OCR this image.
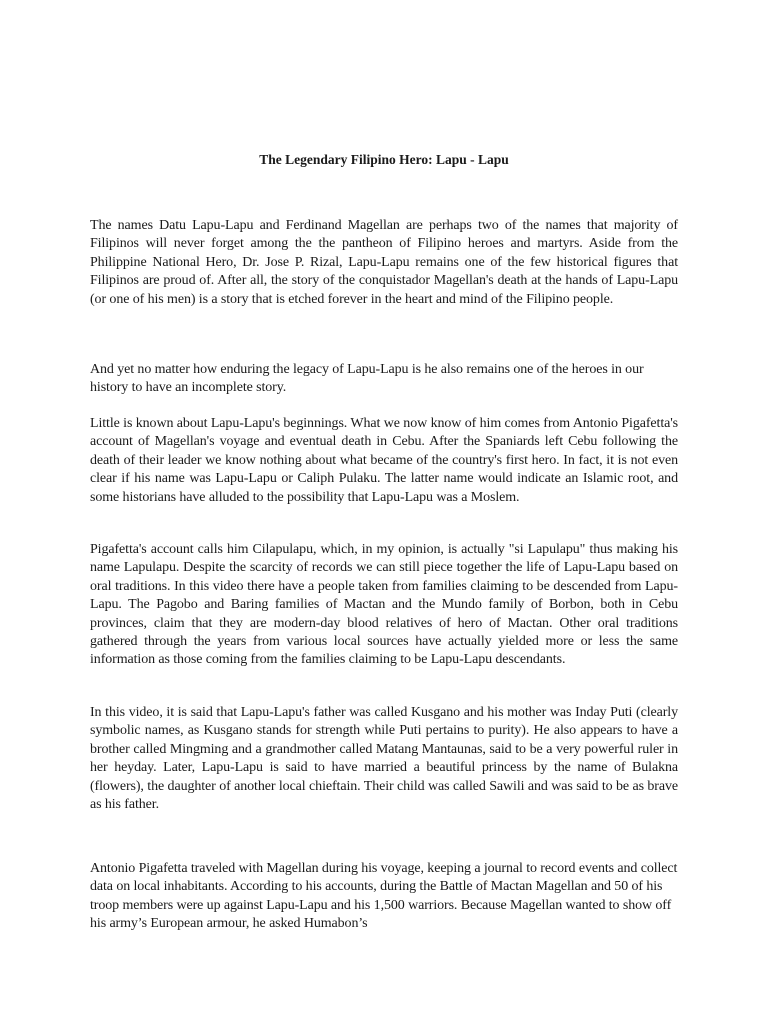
The Legendary Filipino Hero: Lapu - Lapu

The names Datu Lapu-Lapu and Ferdinand Magellan are perhaps two of the names that majority of Filipinos will never forget among the the pantheon of Filipino heroes and martyrs. Aside from the Philippine National Hero, Dr. Jose P. Rizal, Lapu-Lapu remains one of the few historical figures that Filipinos are proud of. After all, the story of the conquistador Magellan's death at the hands of Lapu-Lapu (or one of his men) is a story that is etched forever in the heart and mind of the Filipino people.

And yet no matter how enduring the legacy of Lapu-Lapu is he also remains one of the heroes in our history to have an incomplete story.

Little is known about Lapu-Lapu's beginnings. What we now know of him comes from Antonio Pigafetta's account of Magellan's voyage and eventual death in Cebu. After the Spaniards left Cebu following the death of their leader we know nothing about what became of the country's first hero. In fact, it is not even clear if his name was Lapu-Lapu or Caliph Pulaku. The latter name would indicate an Islamic root, and some historians have alluded to the possibility that Lapu-Lapu was a Moslem.

Pigafetta's account calls him Cilapulapu, which, in my opinion, is actually "si Lapulapu" thus making his name Lapulapu. Despite the scarcity of records we can still piece together the life of Lapu-Lapu based on oral traditions. In this video there have a people taken from families claiming to be descended from Lapu-Lapu. The Pagobo and Baring families of Mactan and the Mundo family of Borbon, both in Cebu provinces, claim that they are modern-day blood relatives of hero of Mactan. Other oral traditions gathered through the years from various local sources have actually yielded more or less the same information as those coming from the families claiming to be Lapu-Lapu descendants.

In this video, it is said that Lapu-Lapu's father was called Kusgano and his mother was Inday Puti (clearly symbolic names, as Kusgano stands for strength while Puti pertains to purity). He also appears to have a brother called Mingming and a grandmother called Matang Mantaunas, said to be a very powerful ruler in her heyday. Later, Lapu-Lapu is said to have married a beautiful princess by the name of Bulakna (flowers), the daughter of another local chieftain. Their child was called Sawili and was said to be as brave as his father.

Antonio Pigafetta traveled with Magellan during his voyage, keeping a journal to record events and collect data on local inhabitants. According to his accounts, during the Battle of Mactan Magellan and 50 of his troop members were up against Lapu-Lapu and his 1,500 warriors. Because Magellan wanted to show off his army’s European armour, he asked Humabon’s
